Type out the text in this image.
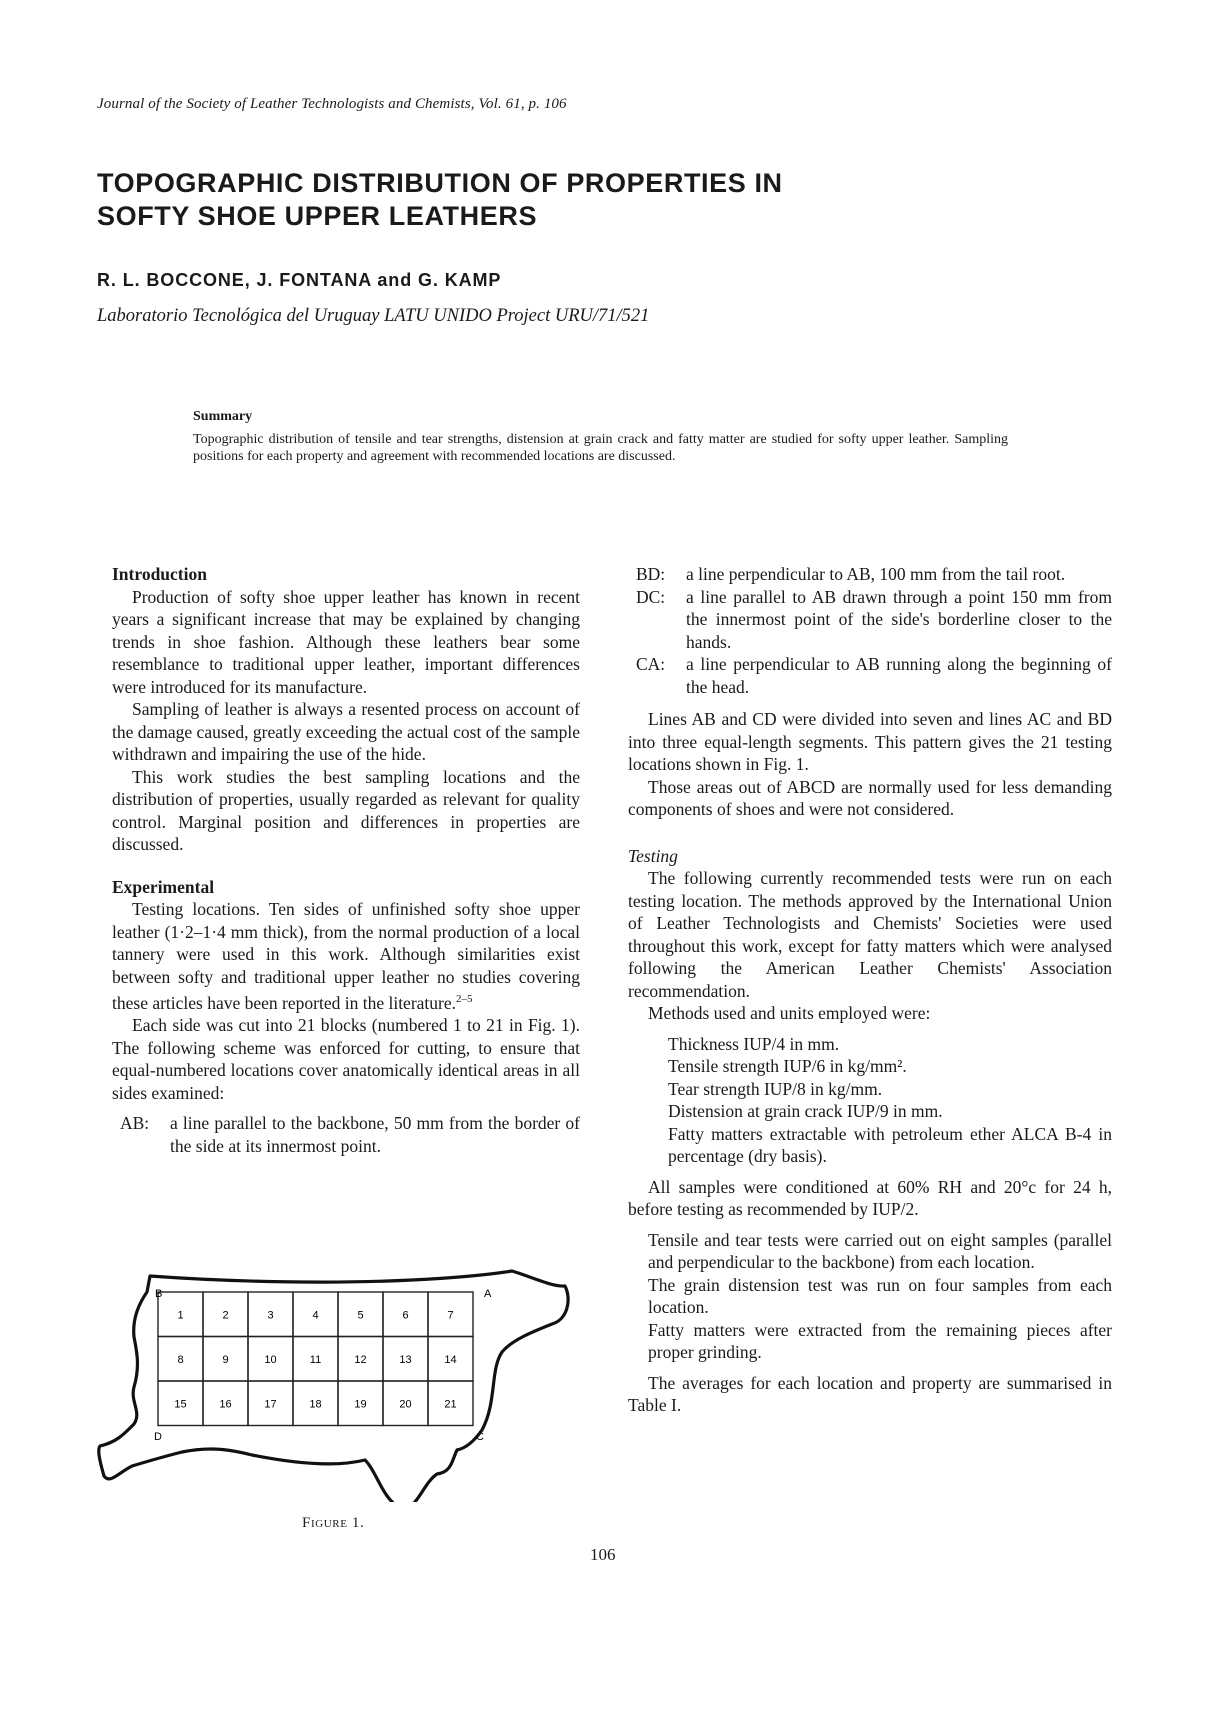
Journal of the Society of Leather Technologists and Chemists, Vol. 61, p. 106
TOPOGRAPHIC DISTRIBUTION OF PROPERTIES IN
SOFTY SHOE UPPER LEATHERS
R. L. BOCCONE, J. FONTANA and G. KAMP
Laboratorio Tecnológica del Uruguay LATU UNIDO Project URU/71/521
Summary

Topographic distribution of tensile and tear strengths, distension at grain crack and fatty matter are studied for softy upper leather. Sampling positions for each property and agreement with recommended locations are discussed.

Introduction

Production of softy shoe upper leather has known in recent years a significant increase that may be explained by changing trends in shoe fashion. Although these leathers bear some resemblance to traditional upper leather, important differences were introduced for its manufacture.

Sampling of leather is always a resented process on account of the damage caused, greatly exceeding the actual cost of the sample withdrawn and impairing the use of the hide.

This work studies the best sampling locations and the distribution of properties, usually regarded as relevant for quality control. Marginal position and differences in properties are discussed.

Experimental

Testing locations. Ten sides of unfinished softy shoe upper leather (1·2–1·4 mm thick), from the normal production of a local tannery were used in this work. Although similarities exist between softy and traditional upper leather no studies covering these articles have been reported in the literature.$^{2-5}$

Each side was cut into 21 blocks (numbered 1 to 21 in Fig. 1). The following scheme was enforced for cutting, to ensure that equal-numbered locations cover anatomically identical areas in all sides examined:

AB:	a line parallel to the backbone, 50 mm from the border of the side at its innermost point.
1	2	3	4	5	6	7
8	9	10	11	12	13	14
15	16	17	18	19	20	21
B	A
D	C
Figure 1.
BD:	a line perpendicular to AB, 100 mm from the tail root.
DC:	a line parallel to AB drawn through a point 150 mm from the innermost point of the side's borderline closer to the hands.
CA:	a line perpendicular to AB running along the beginning of the head.

Lines AB and CD were divided into seven and lines AC and BD into three equal-length segments. This pattern gives the 21 testing locations shown in Fig. 1.

Those areas out of ABCD are normally used for less demanding components of shoes and were not considered.

Testing

The following currently recommended tests were run on each testing location. The methods approved by the International Union of Leather Technologists and Chemists' Societies were used throughout this work, except for fatty matters which were analysed following the American Leather Chemists' Association recommendation.

Methods used and units employed were:

Thickness IUP/4 in mm.
Tensile strength IUP/6 in kg/mm².
Tear strength IUP/8 in kg/mm.
Distension at grain crack IUP/9 in mm.
Fatty matters extractable with petroleum ether ALCA B-4 in percentage (dry basis).

All samples were conditioned at 60% RH and 20°c for 24 h, before testing as recommended by IUP/2.

Tensile and tear tests were carried out on eight samples (parallel and perpendicular to the backbone) from each location.
The grain distension test was run on four samples from each location.
Fatty matters were extracted from the remaining pieces after proper grinding.

The averages for each location and property are summarised in Table I.

106
